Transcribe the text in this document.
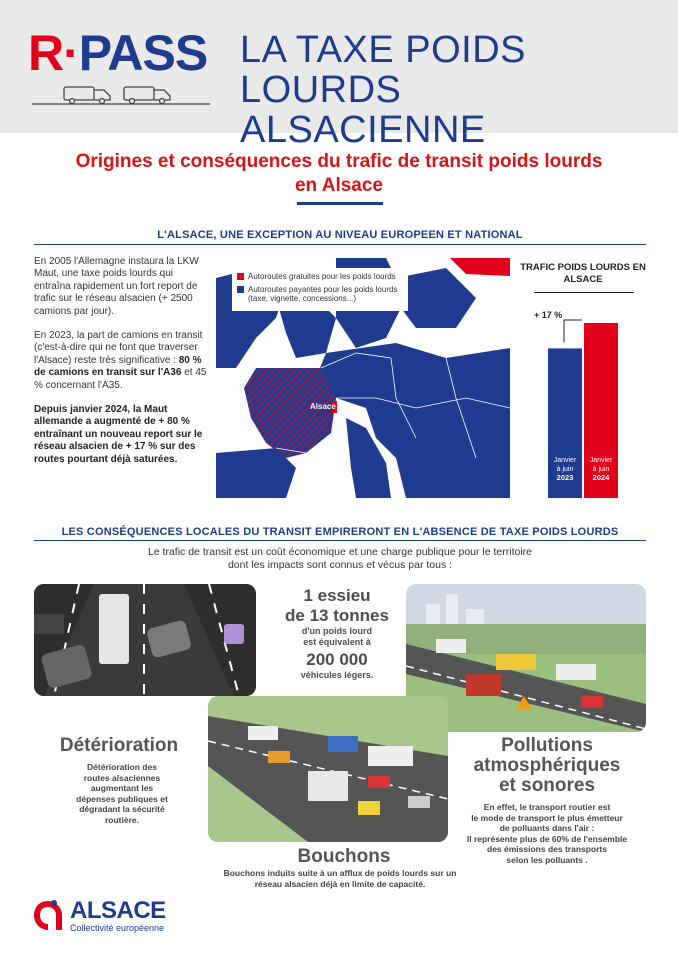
R·PASS LA TAXE POIDS LOURDS
ALSACIENNE
Origines et conséquences du trafic de transit poids lourds
en Alsace
L'ALSACE, UNE EXCEPTION AU NIVEAU EUROPEEN ET NATIONAL

En 2005 l'Allemagne instaura la LKW Maut, une taxe poids lourds qui entraîna rapidement un fort report de trafic sur le réseau alsacien (+ 2500 camions par jour).

En 2023, la part de camions en transit (c'est-à-dire qui ne font que traverser l'Alsace) reste très significative : 80 % de camions en transit sur l'A36 et 45 % concernant l'A35.

Depuis janvier 2024, la Maut allemande a augmenté de + 80 % entraînant un nouveau report sur le réseau alsacien de + 17 % sur des routes pourtant déjà saturées.

Alsace
Autoroutes gratuites pour les poids lourds
Autoroutes payantes pour les poids lourds (taxe, vignette, concessions...)
TRAFIC POIDS LOURDS EN ALSACE
+ 17 %
Janvier
à juin
2023
Janvier
à juin
2024
LES CONSÉQUENCES LOCALES DU TRANSIT EMPIRERONT EN L'ABSENCE DE TAXE POIDS LOURDS
Le trafic de transit est un coût économique et une charge publique pour le territoire
dont les impacts sont connus et vécus par tous :
1 essieu
de 13 tonnes
d'un poids lourd
est équivalent à
200 000
véhicules légers.
Détérioration
Détérioration des
routes alsaciennes
augmentant les
dépenses publiques et
dégradant la sécurité
routière.
Bouchons
Bouchons induits suite à un afflux de poids lourds sur un
réseau alsacien déjà en limite de capacité.
Pollutions
atmosphériques
et sonores
En effet, le transport routier est
le mode de transport le plus émetteur
de polluants dans l'air :
Il représente plus de 60% de l'ensemble
des émissions des transports
selon les polluants .
ALSACE
Collectivité européenne
